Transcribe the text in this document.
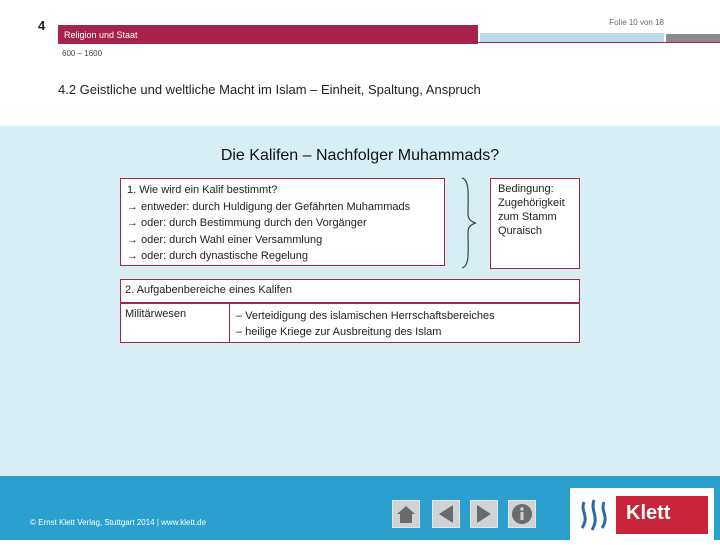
4	Folie 10 von 18
Religion und Staat
600 – 1600
4.2 Geistliche und weltliche Macht im Islam – Einheit, Spaltung, Anspruch
Die Kalifen – Nachfolger Muhammads?
1. Wie wird ein Kalif bestimmt?
→ entweder: durch Huldigung der Gefährten Muhammads
→ oder: durch Bestimmung durch den Vorgänger
→ oder: durch Wahl einer Versammlung
→ oder: durch dynastische Regelung
Bedingung:
Zugehörigkeit
zum Stamm
Quraisch
2. Aufgabenbereiche eines Kalifen
Militärwesen	– Verteidigung des islamischen Herrschaftsbereiches
– heilige Kriege zur Ausbreitung des Islam
© Ernst Klett Verlag, Stuttgart 2014 | www.klett.de	Klett
